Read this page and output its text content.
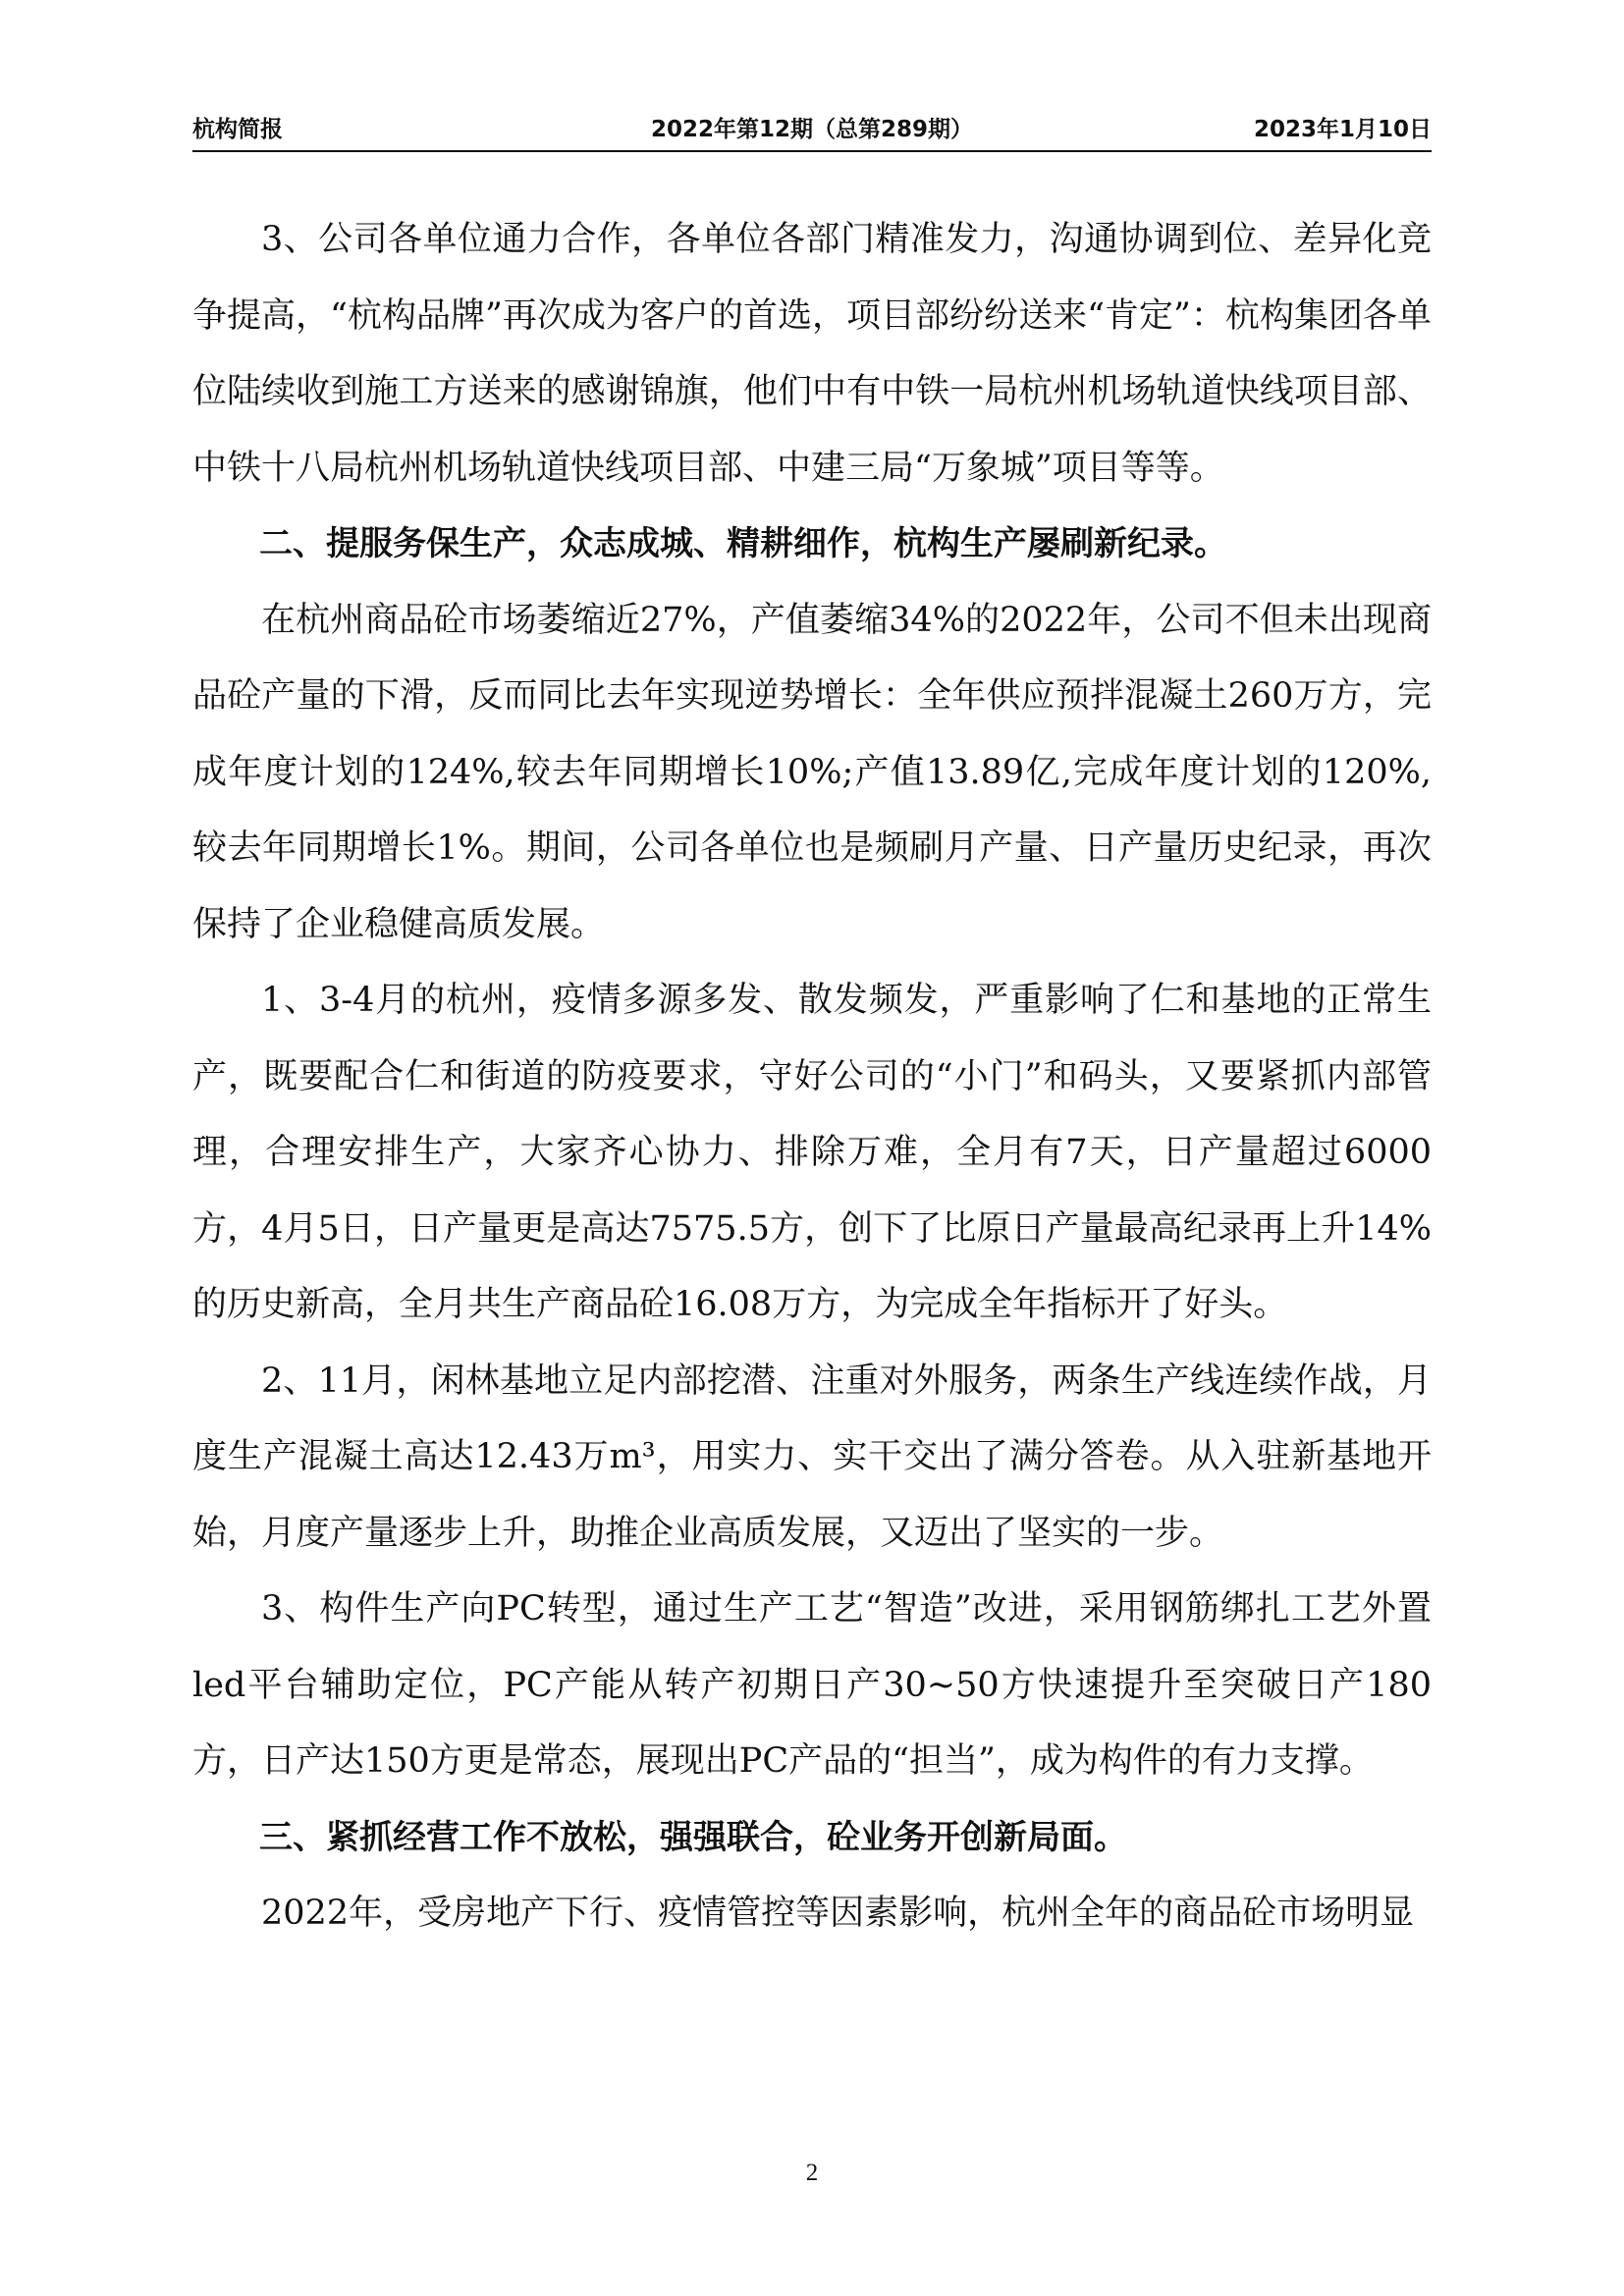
2022年第12期（总第289期）
杭构简报	2023年1月10日

3、公司各单位通力合作，各单位各部门精准发力，沟通协调到位、差异化竞争提高，“杭构品牌”再次成为客户的首选，项目部纷纷送来“肯定”：杭构集团各单位陆续收到施工方送来的感谢锦旗，他们中有中铁一局杭州机场轨道快线项目部、中铁十八局杭州机场轨道快线项目部、中建三局“万象城”项目等等。

二、提服务保生产，众志成城、精耕细作，杭构生产屡刷新纪录。

在杭州商品砼市场萎缩近27%，产值萎缩34%的2022年，公司不但未出现商品砼产量的下滑，反而同比去年实现逆势增长：全年供应预拌混凝土260万方，完成年度计划的124%,较去年同期增长10%;产值13.89亿,完成年度计划的120%,较去年同期增长1%。期间，公司各单位也是频刷月产量、日产量历史纪录，再次保持了企业稳健高质发展。

1、3-4月的杭州，疫情多源多发、散发频发，严重影响了仁和基地的正常生产，既要配合仁和街道的防疫要求，守好公司的“小门”和码头，又要紧抓内部管理，合理安排生产，大家齐心协力、排除万难，全月有7天，日产量超过6000方，4月5日，日产量更是高达7575.5方，创下了比原日产量最高纪录再上升14%的历史新高，全月共生产商品砼16.08万方，为完成全年指标开了好头。

2、11月，闲林基地立足内部挖潜、注重对外服务，两条生产线连续作战，月度生产混凝土高达12.43万m³，用实力、实干交出了满分答卷。从入驻新基地开始，月度产量逐步上升，助推企业高质发展，又迈出了坚实的一步。

3、构件生产向PC转型，通过生产工艺“智造”改进，采用钢筋绑扎工艺外置led平台辅助定位，PC产能从转产初期日产30~50方快速提升至突破日产180方，日产达150方更是常态，展现出PC产品的“担当”，成为构件的有力支撑。

三、紧抓经营工作不放松，强强联合，砼业务开创新局面。

2022年，受房地产下行、疫情管控等因素影响，杭州全年的商品砼市场明显

2
